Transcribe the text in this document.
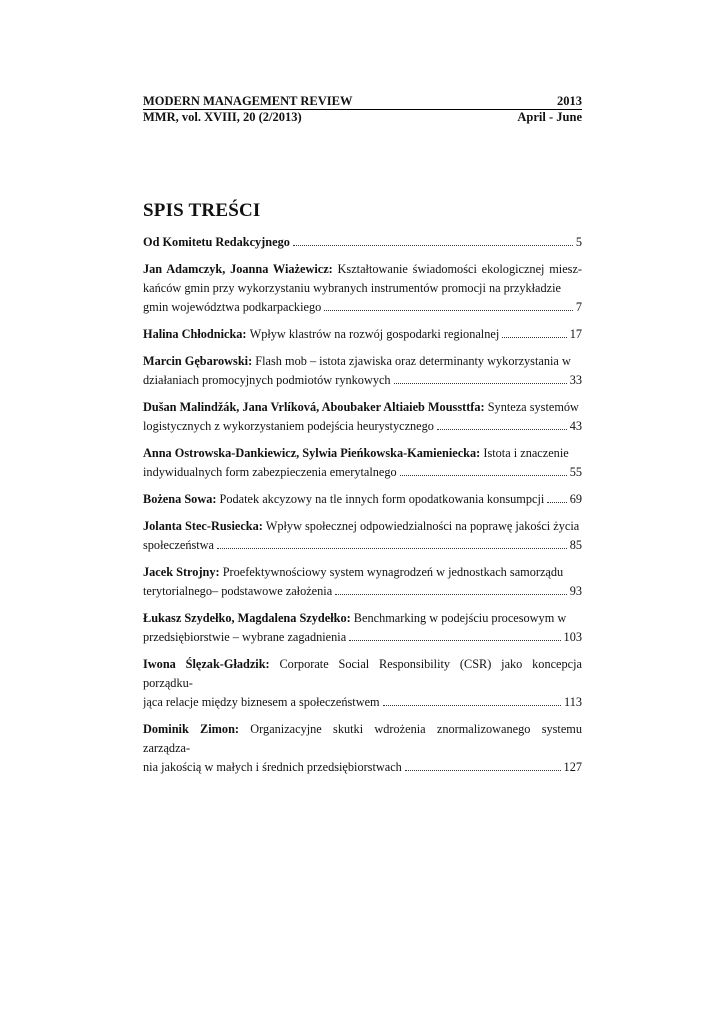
MODERN MANAGEMENT REVIEW	2013
MMR, vol. XVIII, 20 (2/2013)	April - June
SPIS TREŚCI
Od Komitetu Redakcyjnego	5
Jan Adamczyk, Joanna Wiażewicz: Kształtowanie świadomości ekologicznej miesz- kańców gmin przy wykorzystaniu wybranych instrumentów promocji na przykładzie
gmin województwa podkarpackiego	7
Halina Chłodnicka:
Wpływ klastrów na rozwój gospodarki regionalnej	17
Marcin Gębarowski: Flash mob – istota zjawiska oraz determinanty wykorzystania w
działaniach promocyjnych podmiotów rynkowych	33
Dušan Malindžák, Jana Vrlíková, Aboubaker Altiaieb Moussttfa: Synteza systemów
logistycznych z wykorzystaniem podejścia heurystycznego	43
Anna Ostrowska-Dankiewicz, Sylwia Pieńkowska-Kamieniecka: Istota i znaczenie
indywidualnych form zabezpieczenia emerytalnego	55
Bożena Sowa:
Podatek akcyzowy na tle innych form opodatkowania konsumpcji 69
Jolanta Stec-Rusiecka: Wpływ społecznej odpowiedzialności na poprawę jakości życia
społeczeństwa	85
Jacek Strojny: Proefektywnościowy system wynagrodzeń w jednostkach samorządu
terytorialnego– podstawowe założenia	93
Łukasz Szydełko, Magdalena Szydełko: Benchmarking w podejściu procesowym w
przedsiębiorstwie – wybrane zagadnienia	103
Iwona Ślęzak-Gładzik: Corporate Social Responsibility (CSR) jako koncepcja porządku-
jąca relacje między biznesem a społeczeństwem	113
Dominik Zimon: Organizacyjne skutki wdrożenia znormalizowanego systemu zarządza-
nia jakością w małych i średnich przedsiębiorstwach	127
